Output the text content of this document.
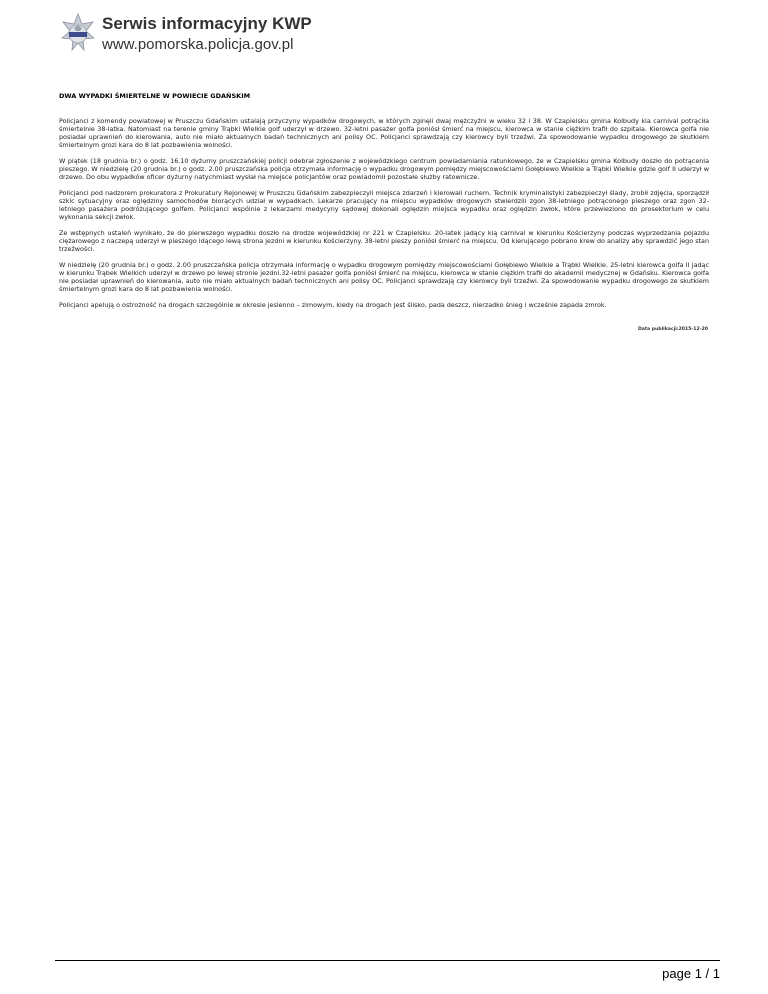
Serwis informacyjny KWP
www.pomorska.policja.gov.pl
DWA WYPADKI ŚMIERTELNE W POWIECIE GDAŃSKIM

Policjanci z komendy powiatowej w Pruszczu Gdańskim ustalają przyczyny wypadków drogowych, w których zginęli dwaj mężczyźni w wieku 32 i 38. W Czapielsku gmina Kolbudy kia carnival potrąciła śmiertelnie 38-latka. Natomiast na terenie gminy Trąbki Wielkie golf uderzył w drzewo. 32-letni pasażer golfa poniósł śmierć na miejscu, kierowca w stanie ciężkim trafił do szpitala. Kierowca golfa nie posiadał uprawnień do kierowania, auto nie miało aktualnych badań technicznych ani polisy OC. Policjanci sprawdzają czy kierowcy byli trzeźwi. Za spowodowanie wypadku drogowego ze skutkiem śmiertelnym grozi kara do 8 lat pozbawienia wolności.

W piątek (18 grudnia br.) o godz. 16.10 dyżurny pruszczańskiej policji odebrał zgłoszenie z wojewódzkiego centrum powiadamiania ratunkowego, że w Czapielsku gmina Kolbudy doszło do potrącenia pieszego. W niedzielę (20 grudnia br.) o godz. 2.00 pruszczańska policja otrzymała informację o wypadku drogowym pomiędzy miejscowościami Gołębiewo Wielkie a Trąbki Wielkie gdzie golf II uderzył w drzewo. Do obu wypadków oficer dyżurny natychmiast wysłał na miejsce policjantów oraz powiadomił pozostałe służby ratownicze.

Policjanci pod nadzorem prokuratora z Prokuratury Rejonowej w Pruszczu Gdańskim zabezpieczyli miejsca zdarzeń i kierowali ruchem. Technik kryminalistyki zabezpieczył ślady, zrobił zdjęcia, sporządził szkic sytuacyjny oraz oględziny samochodów biorących udział w wypadkach. Lekarze pracujący na miejscu wypadków drogowych stwierdzili zgon 38-letniego potrąconego pieszego oraz zgon 32-letniego pasażera podróżującego golfem. Policjanci wspólnie z lekarzami medycyny sądowej dokonali oględzin miejsca wypadku oraz oględzin zwłok, które przewieziono do prosektorium w celu wykonania sekcji zwłok.

Ze wstępnych ustaleń wynikało, że do pierwszego wypadku doszło na drodze wojewódzkiej nr 221 w Czapielsku. 20-latek jadący kią carnival w kierunku Kościerzyny podczas wyprzedzania pojazdu ciężarowego z naczepą uderzył w pieszego idącego lewą strona jezdni w kierunku Kościerzyny. 38-letni pieszy poniósł śmierć na miejscu. Od kierującego pobrano krew do analizy aby sprawdzić jego stan trzeźwości.

W niedzielę (20 grudnia br.) o godz. 2.00 pruszczańska policja otrzymała informację o wypadku drogowym pomiędzy miejscowościami Gołębiewo Wielkie a Trąbki Wielkie. 25-letni kierowca golfa II jadąc w kierunku Trąbek Wielkich uderzył w drzewo po lewej stronie jezdni.32-letni pasażer golfa poniósł śmierć na miejscu, kierowca w stanie ciężkim trafił do akademii medycznej w Gdańsku. Kierowca golfa nie posiadał uprawnień do kierowania, auto nie miało aktualnych badań technicznych ani polisy OC. Policjanci sprawdzają czy kierowcy byli trzeźwi. Za spowodowanie wypadku drogowego ze skutkiem śmiertelnym grozi kara do 8 lat pozbawienia wolności.

Policjanci apelują o ostrożność na drogach szczególnie w okresie jesienno – zimowym, kiedy na drogach jest ślisko, pada deszcz, nierzadko śnieg i wcześnie zapada zmrok.

Data publikacji:2015-12-20
page 1 / 1
